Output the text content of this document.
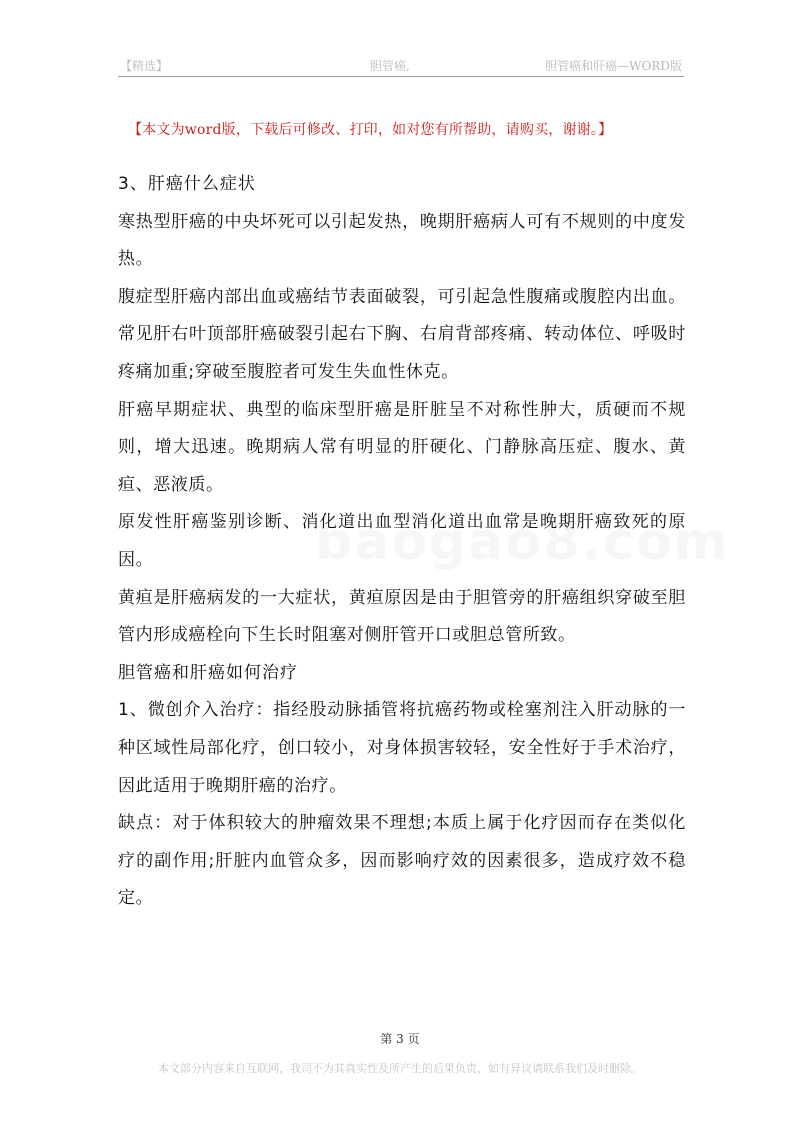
【精选】	胆管癌,	胆管癌和肝癌—WORD版
【本文为word版，下载后可修改、打印，如对您有所帮助，请购买，谢谢。】

3、肝癌什么症状

寒热型肝癌的中央坏死可以引起发热，晚期肝癌病人可有不规则的中度发热。

腹症型肝癌内部出血或癌结节表面破裂，可引起急性腹痛或腹腔内出血。常见肝右叶顶部肝癌破裂引起右下胸、右肩背部疼痛、转动体位、呼吸时疼痛加重;穿破至腹腔者可发生失血性休克。

肝癌早期症状、典型的临床型肝癌是肝脏呈不对称性肿大，质硬而不规则，增大迅速。晚期病人常有明显的肝硬化、门静脉高压症、腹水、黄疸、恶液质。

原发性肝癌鉴别诊断、消化道出血型消化道出血常是晚期肝癌致死的原因。

黄疸是肝癌病发的一大症状，黄疸原因是由于胆管旁的肝癌组织穿破至胆管内形成癌栓向下生长时阻塞对侧肝管开口或胆总管所致。

胆管癌和肝癌如何治疗

1、微创介入治疗：指经股动脉插管将抗癌药物或栓塞剂注入肝动脉的一种区域性局部化疗，创口较小，对身体损害较轻，安全性好于手术治疗，因此适用于晚期肝癌的治疗。

缺点：对于体积较大的肿瘤效果不理想;本质上属于化疗因而存在类似化疗的副作用;肝脏内血管众多，因而影响疗效的因素很多，造成疗效不稳定。

第 3 页
本文部分内容来自互联网，我司不为其真实性及所产生的后果负责，如有异议请联系我们及时删除。
